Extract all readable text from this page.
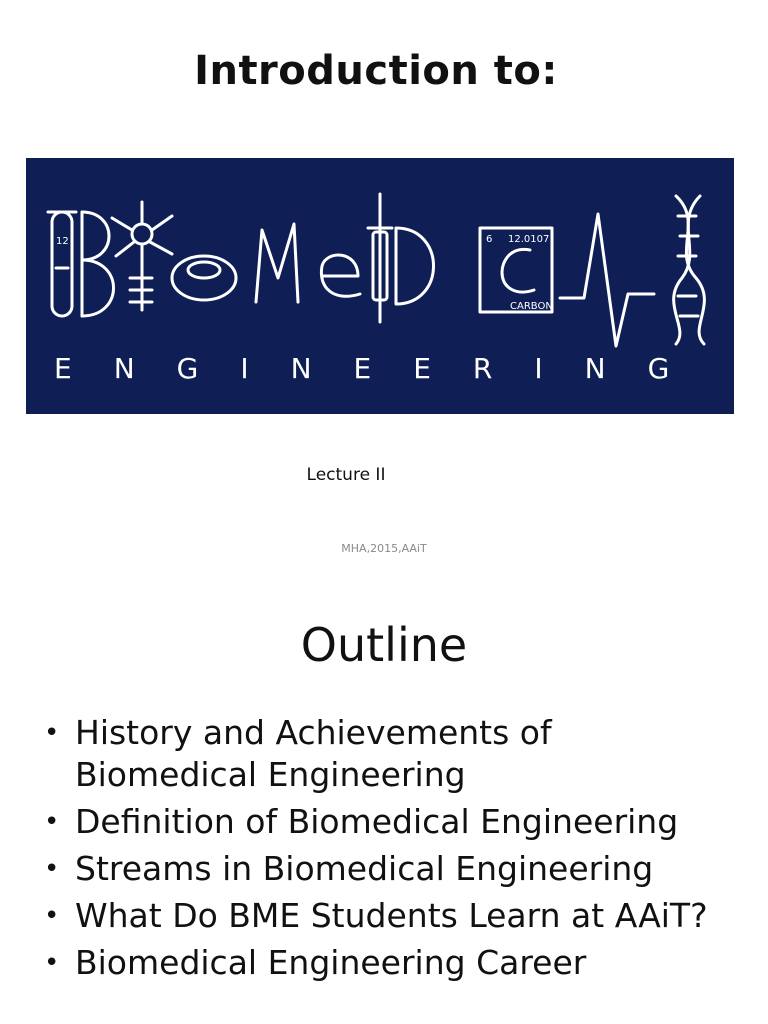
Introduction to:
12	6 12.0107
CARBON
ENGINEERING
Lecture II
MHA,2015,AAiT
Outline
• History and Achievements of Biomedical Engineering
• Definition of Biomedical Engineering
• Streams in Biomedical Engineering
• What Do BME Students Learn at AAiT?
• Biomedical Engineering Career
